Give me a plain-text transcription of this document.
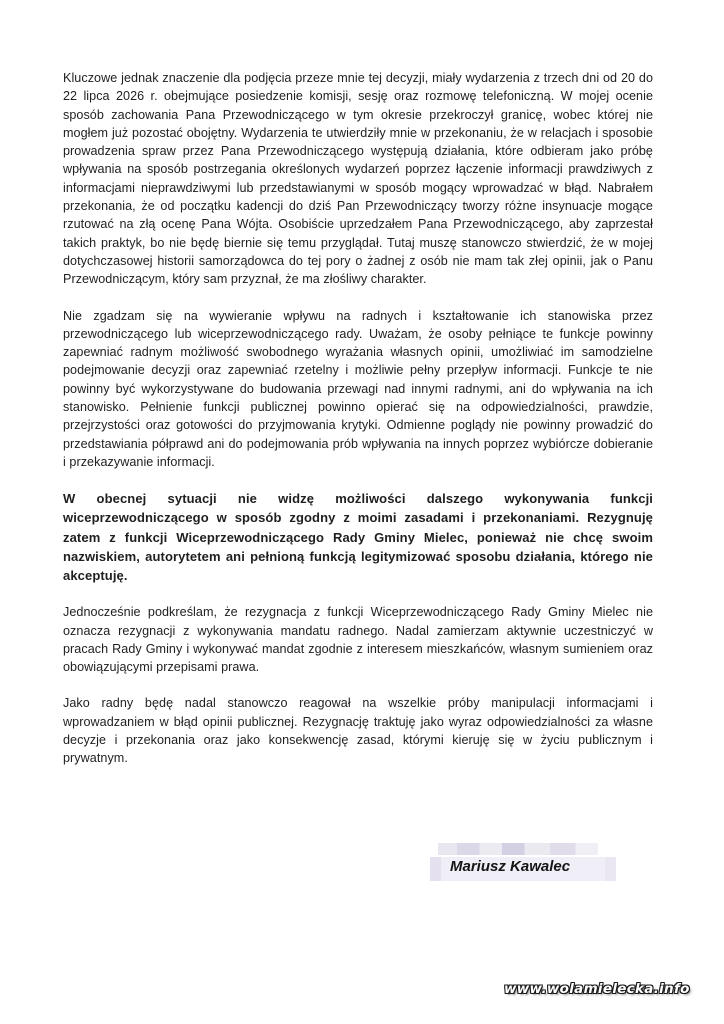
Kluczowe jednak znaczenie dla podjęcia przeze mnie tej decyzji, miały wydarzenia z trzech dni od 20 do 22 lipca 2026 r. obejmujące posiedzenie komisji, sesję oraz rozmowę telefoniczną. W mojej ocenie sposób zachowania Pana Przewodniczącego w tym okresie przekroczył granicę, wobec której nie mogłem już pozostać obojętny. Wydarzenia te utwierdziły mnie w przekonaniu, że w relacjach i sposobie prowadzenia spraw przez Pana Przewodniczącego występują działania, które odbieram jako próbę wpływania na sposób postrzegania określonych wydarzeń poprzez łączenie informacji prawdziwych z informacjami nieprawdziwymi lub przedstawianymi w sposób mogący wprowadzać w błąd. Nabrałem przekonania, że od początku kadencji do dziś Pan Przewodniczący tworzy różne insynuacje mogące rzutować na złą ocenę Pana Wójta. Osobiście uprzedzałem Pana Przewodniczącego, aby zaprzestał takich praktyk, bo nie będę biernie się temu przyglądał. Tutaj muszę stanowczo stwierdzić, że w mojej dotychczasowej historii samorządowca do tej pory o żadnej z osób nie mam tak złej opinii, jak o Panu Przewodniczącym, który sam przyznał, że ma złośliwy charakter.

Nie zgadzam się na wywieranie wpływu na radnych i kształtowanie ich stanowiska przez przewodniczącego lub wiceprzewodniczącego rady. Uważam, że osoby pełniące te funkcje powinny zapewniać radnym możliwość swobodnego wyrażania własnych opinii, umożliwiać im samodzielne podejmowanie decyzji oraz zapewniać rzetelny i możliwie pełny przepływ informacji. Funkcje te nie powinny być wykorzystywane do budowania przewagi nad innymi radnymi, ani do wpływania na ich stanowisko. Pełnienie funkcji publicznej powinno opierać się na odpowiedzialności, prawdzie, przejrzystości oraz gotowości do przyjmowania krytyki. Odmienne poglądy nie powinny prowadzić do przedstawiania półprawd ani do podejmowania prób wpływania na innych poprzez wybiórcze dobieranie i przekazywanie informacji.

W obecnej sytuacji nie widzę możliwości dalszego wykonywania funkcji wiceprzewodniczącego w sposób zgodny z moimi zasadami i przekonaniami. Rezygnuję zatem z funkcji Wiceprzewodniczącego Rady Gminy Mielec, ponieważ nie chcę swoim nazwiskiem, autorytetem ani pełnioną funkcją legitymizować sposobu działania, którego nie akceptuję.

Jednocześnie podkreślam, że rezygnacja z funkcji Wiceprzewodniczącego Rady Gminy Mielec nie oznacza rezygnacji z wykonywania mandatu radnego. Nadal zamierzam aktywnie uczestniczyć w pracach Rady Gminy i wykonywać mandat zgodnie z interesem mieszkańców, własnym sumieniem oraz obowiązującymi przepisami prawa.

Jako radny będę nadal stanowczo reagował na wszelkie próby manipulacji informacjami i wprowadzaniem w błąd opinii publicznej. Rezygnację traktuję jako wyraz odpowiedzialności za własne decyzje i przekonania oraz jako konsekwencję zasad, którymi kieruję się w życiu publicznym i prywatnym.

Mariusz Kawalec
www.wolamielecka.info
